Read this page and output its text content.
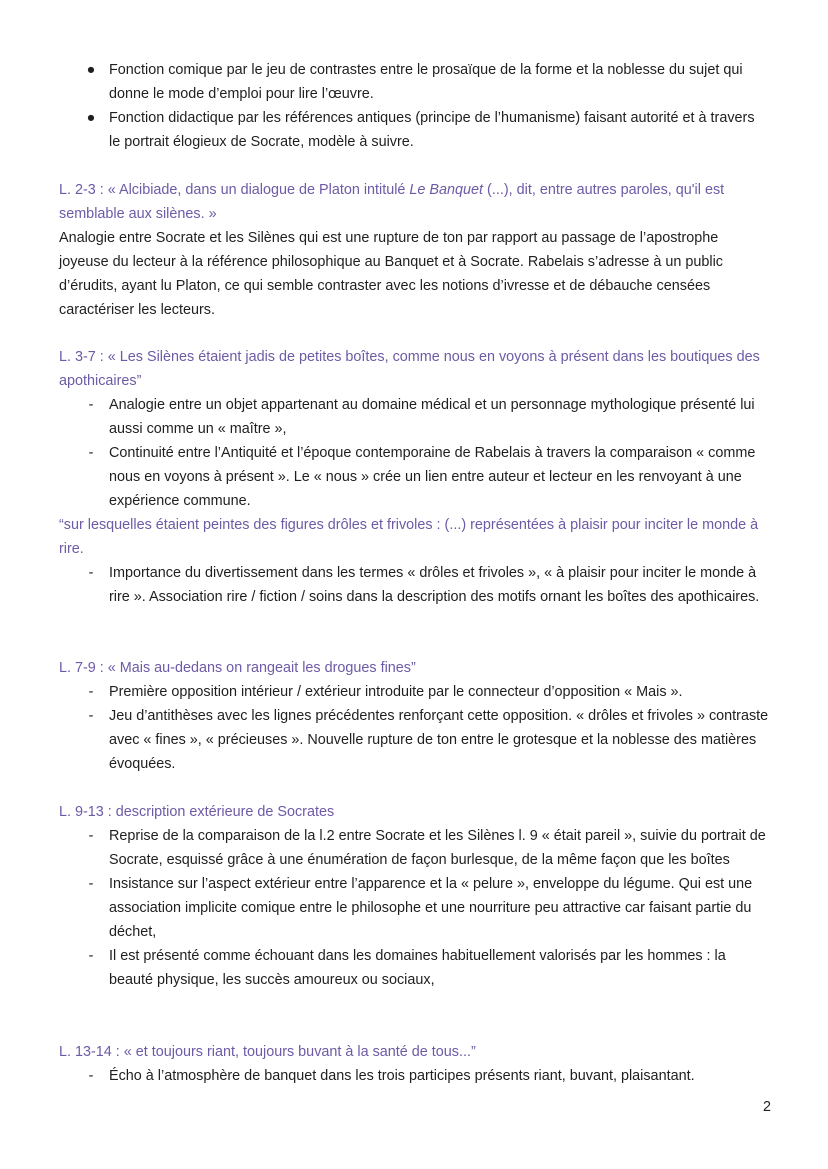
● Fonction comique par le jeu de contrastes entre le prosaïque de la forme et la noblesse du sujet qui donne le mode d’emploi pour lire l’œuvre.
● Fonction didactique par les références antiques (principe de l’humanisme) faisant autorité et à travers le portrait élogieux de Socrate, modèle à suivre.
L. 2-3 : « Alcibiade, dans un dialogue de Platon intitulé Le Banquet (...), dit, entre autres paroles, qu'il est semblable aux silènes. »
Analogie entre Socrate et les Silènes qui est une rupture de ton par rapport au passage de l’apostrophe joyeuse du lecteur à la référence philosophique au Banquet et à Socrate. Rabelais s’adresse à un public d’érudits, ayant lu Platon, ce qui semble contraster avec les notions d’ivresse et de débauche censées caractériser les lecteurs.
L. 3-7 : « Les Silènes étaient jadis de petites boîtes, comme nous en voyons à présent dans les boutiques des apothicaires”
-	Analogie entre un objet appartenant au domaine médical et un personnage mythologique présenté lui aussi comme un « maître »,
-	Continuité entre l’Antiquité et l’époque contemporaine de Rabelais à travers la comparaison « comme nous en voyons à présent ». Le « nous » crée un lien entre auteur et lecteur en les renvoyant à une expérience commune.
“sur lesquelles étaient peintes des figures drôles et frivoles : (...) représentées à plaisir pour inciter le monde à rire.
-	Importance du divertissement dans les termes « drôles et frivoles », « à plaisir pour inciter le monde à rire ». Association rire / fiction / soins dans la description des motifs ornant les boîtes des apothicaires.
L. 7-9 : « Mais au-dedans on rangeait les drogues fines”
-	Première opposition intérieur / extérieur introduite par le connecteur d’opposition « Mais ».
-	Jeu d’antithèses avec les lignes précédentes renforçant cette opposition. « drôles et frivoles » contraste avec « fines », « précieuses ». Nouvelle rupture de ton entre le grotesque et la noblesse des matières évoquées.
L. 9-13 : description extérieure de Socrates
-	Reprise de la comparaison de la l.2 entre Socrate et les Silènes l. 9 « était pareil », suivie du portrait de Socrate, esquissé grâce à une énumération de façon burlesque, de la même façon que les boîtes
-	Insistance sur l’aspect extérieur entre l’apparence et la « pelure », enveloppe du légume. Qui est une association implicite comique entre le philosophe et une nourriture peu attractive car faisant partie du déchet,
-	Il est présenté comme échouant dans les domaines habituellement valorisés par les hommes : la beauté physique, les succès amoureux ou sociaux,
L. 13-14 : « et toujours riant, toujours buvant à la santé de tous...”
-	Écho à l’atmosphère de banquet dans les trois participes présents riant, buvant, plaisantant.
2
